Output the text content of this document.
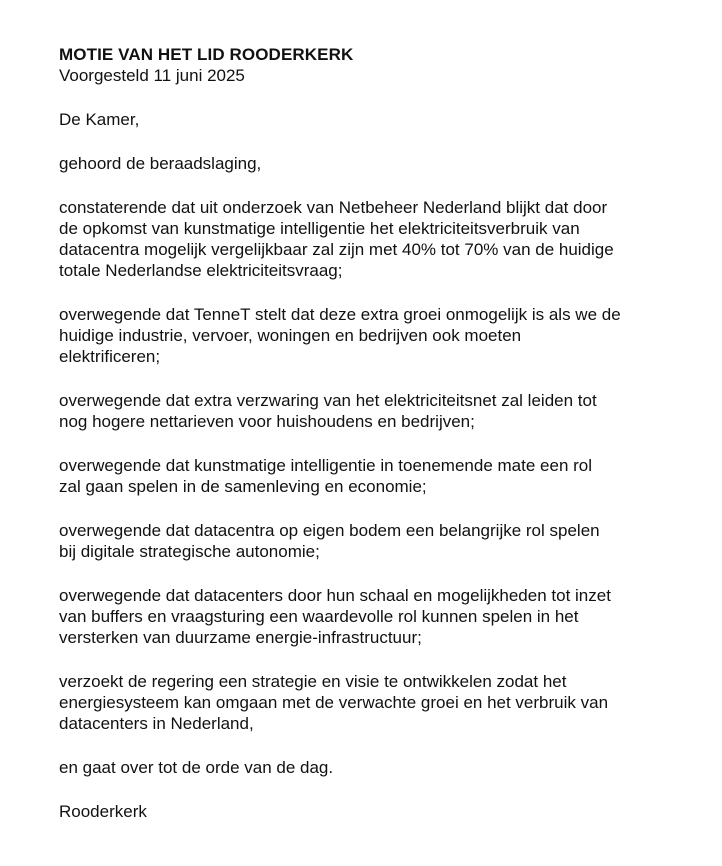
MOTIE VAN HET LID ROODERKERK

Voorgesteld 11 juni 2025

De Kamer,

gehoord de beraadslaging,

constaterende dat uit onderzoek van Netbeheer Nederland blijkt dat door
de opkomst van kunstmatige intelligentie het elektriciteitsverbruik van
datacentra mogelijk vergelijkbaar zal zijn met 40% tot 70% van de huidige
totale Nederlandse elektriciteitsvraag;

overwegende dat TenneT stelt dat deze extra groei onmogelijk is als we de
huidige industrie, vervoer, woningen en bedrijven ook moeten
elektrificeren;

overwegende dat extra verzwaring van het elektriciteitsnet zal leiden tot
nog hogere nettarieven voor huishoudens en bedrijven;

overwegende dat kunstmatige intelligentie in toenemende mate een rol
zal gaan spelen in de samenleving en economie;

overwegende dat datacentra op eigen bodem een belangrijke rol spelen
bij digitale strategische autonomie;

overwegende dat datacenters door hun schaal en mogelijkheden tot inzet
van buffers en vraagsturing een waardevolle rol kunnen spelen in het
versterken van duurzame energie-infrastructuur;

verzoekt de regering een strategie en visie te ontwikkelen zodat het
energiesysteem kan omgaan met de verwachte groei en het verbruik van
datacenters in Nederland,

en gaat over tot de orde van de dag.

Rooderkerk
